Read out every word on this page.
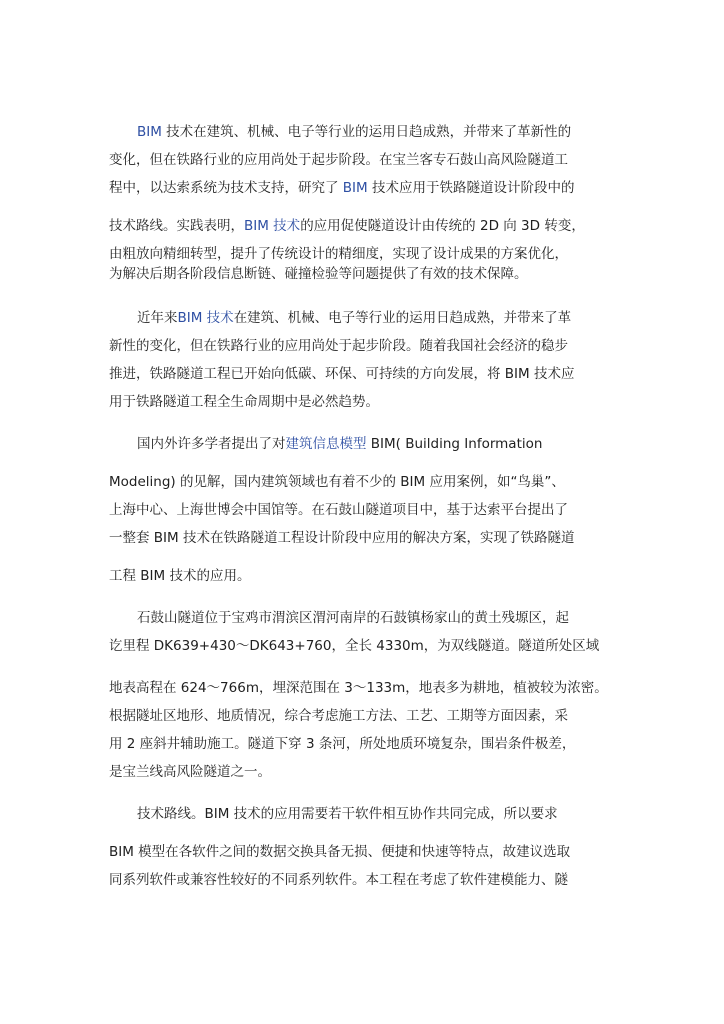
BIM 技术在建筑、机械、电子等行业的运用日趋成熟，并带来了革新性的
变化，但在铁路行业的应用尚处于起步阶段。在宝兰客专石鼓山高风险隧道工
程中，以达索系统为技术支持，研究了 BIM 技术应用于铁路隧道设计阶段中的
技术路线。实践表明，BIM 技术的应用促使隧道设计由传统的 2D 向 3D 转变，
由粗放向精细转型，提升了传统设计的精细度，实现了设计成果的方案优化，
为解决后期各阶段信息断链、碰撞检验等问题提供了有效的技术保障。
近年来BIM 技术在建筑、机械、电子等行业的运用日趋成熟，并带来了革
新性的变化，但在铁路行业的应用尚处于起步阶段。随着我国社会经济的稳步
推进，铁路隧道工程已开始向低碳、环保、可持续的方向发展，将 BIM 技术应
用于铁路隧道工程全生命周期中是必然趋势。
国内外许多学者提出了对建筑信息模型 BIM( Building Information
Modeling) 的见解，国内建筑领域也有着不少的 BIM 应用案例，如“鸟巢”、
上海中心、上海世博会中国馆等。在石鼓山隧道项目中，基于达索平台提出了
一整套 BIM 技术在铁路隧道工程设计阶段中应用的解决方案，实现了铁路隧道
工程 BIM 技术的应用。
石鼓山隧道位于宝鸡市渭滨区渭河南岸的石鼓镇杨家山的黄土残塬区，起
讫里程 DK639+430～DK643+760，全长 4330m，为双线隧道。隧道所处区域
地表高程在 624～766m，埋深范围在 3～133m，地表多为耕地，植被较为浓密。
根据隧址区地形、地质情况，综合考虑施工方法、工艺、工期等方面因素，采
用 2 座斜井辅助施工。隧道下穿 3 条河，所处地质环境复杂，围岩条件极差，
是宝兰线高风险隧道之一。
技术路线。BIM 技术的应用需要若干软件相互协作共同完成，所以要求
BIM 模型在各软件之间的数据交换具备无损、便捷和快速等特点，故建议选取
同系列软件或兼容性较好的不同系列软件。本工程在考虑了软件建模能力、隧
